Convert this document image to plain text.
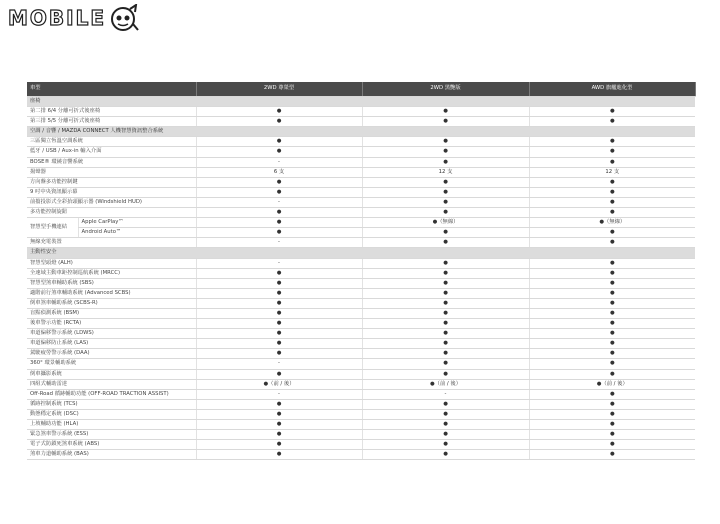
MOBILE
車型		2WD 尊榮型	2WD 黑艷版	AWD 旗艦進化型
座椅				
第二排 6/4 分離可折式後座椅		●	●	●
第三排 5/5 分離可折式後座椅		●	●	●
空調 / 音響 / MAZDA CONNECT 人機智慧資訊整合系統				
三區獨立恆溫空調系統		●	●	●
藍牙 / USB / Aux-in 輸入介面		●	●	●
BOSE® 環繞音響系統		-	●	●
揚聲器		6 支	12 支	12 支
方向盤多功能控制鍵		●	●	●
9 吋中央資訊顯示幕		●	●	●
前擋投影式全彩抬頭顯示器 (Windshield HUD)		-	●	●
多功能控制旋鈕		●	●	●
智慧型手機連結	Apple CarPlay™	●	●（無線）	●（無線）
	Android Auto™	●	●	●
無線充電裝置		-	●	●
主動性安全				
智慧型頭燈 (ALH)		-	●	●
全速域主動車距控制巡航系統 (MRCC)		●	●	●
智慧型煞車輔助系統 (SBS)		●	●	●
適階前行煞車輔助系統 (Advanced SCBS)		●	●	●
倒車煞車輔助系統 (SCBS-R)		●	●	●
盲點偵測系統 (BSM)		●	●	●
後車警示功能 (RCTA)		●	●	●
車道偏移警示系統 (LDWS)		●	●	●
車道偏移防止系統 (LAS)		●	●	●
駕駛疲勞警示系統 (DAA)		●	●	●
360° 環景輔助系統		-	●	●
倒車攝影系統		●	●	●
四組式輔助雷達		●（前 / 後）	●（前 / 後）	●（前 / 後）
Off-Road 循跡輔助功能 (OFF-ROAD TRACTION ASSIST)		-	-	●
循跡控制系統 (TCS)		●	●	●
動態穩定系統 (DSC)		●	●	●
上坡輔助功能 (HLA)		●	●	●
緊急煞車警示系統 (ESS)		●	●	●
電子式防鎖死煞車系統 (ABS)		●	●	●
煞車力道輔助系統 (BAS)		●	●	●
